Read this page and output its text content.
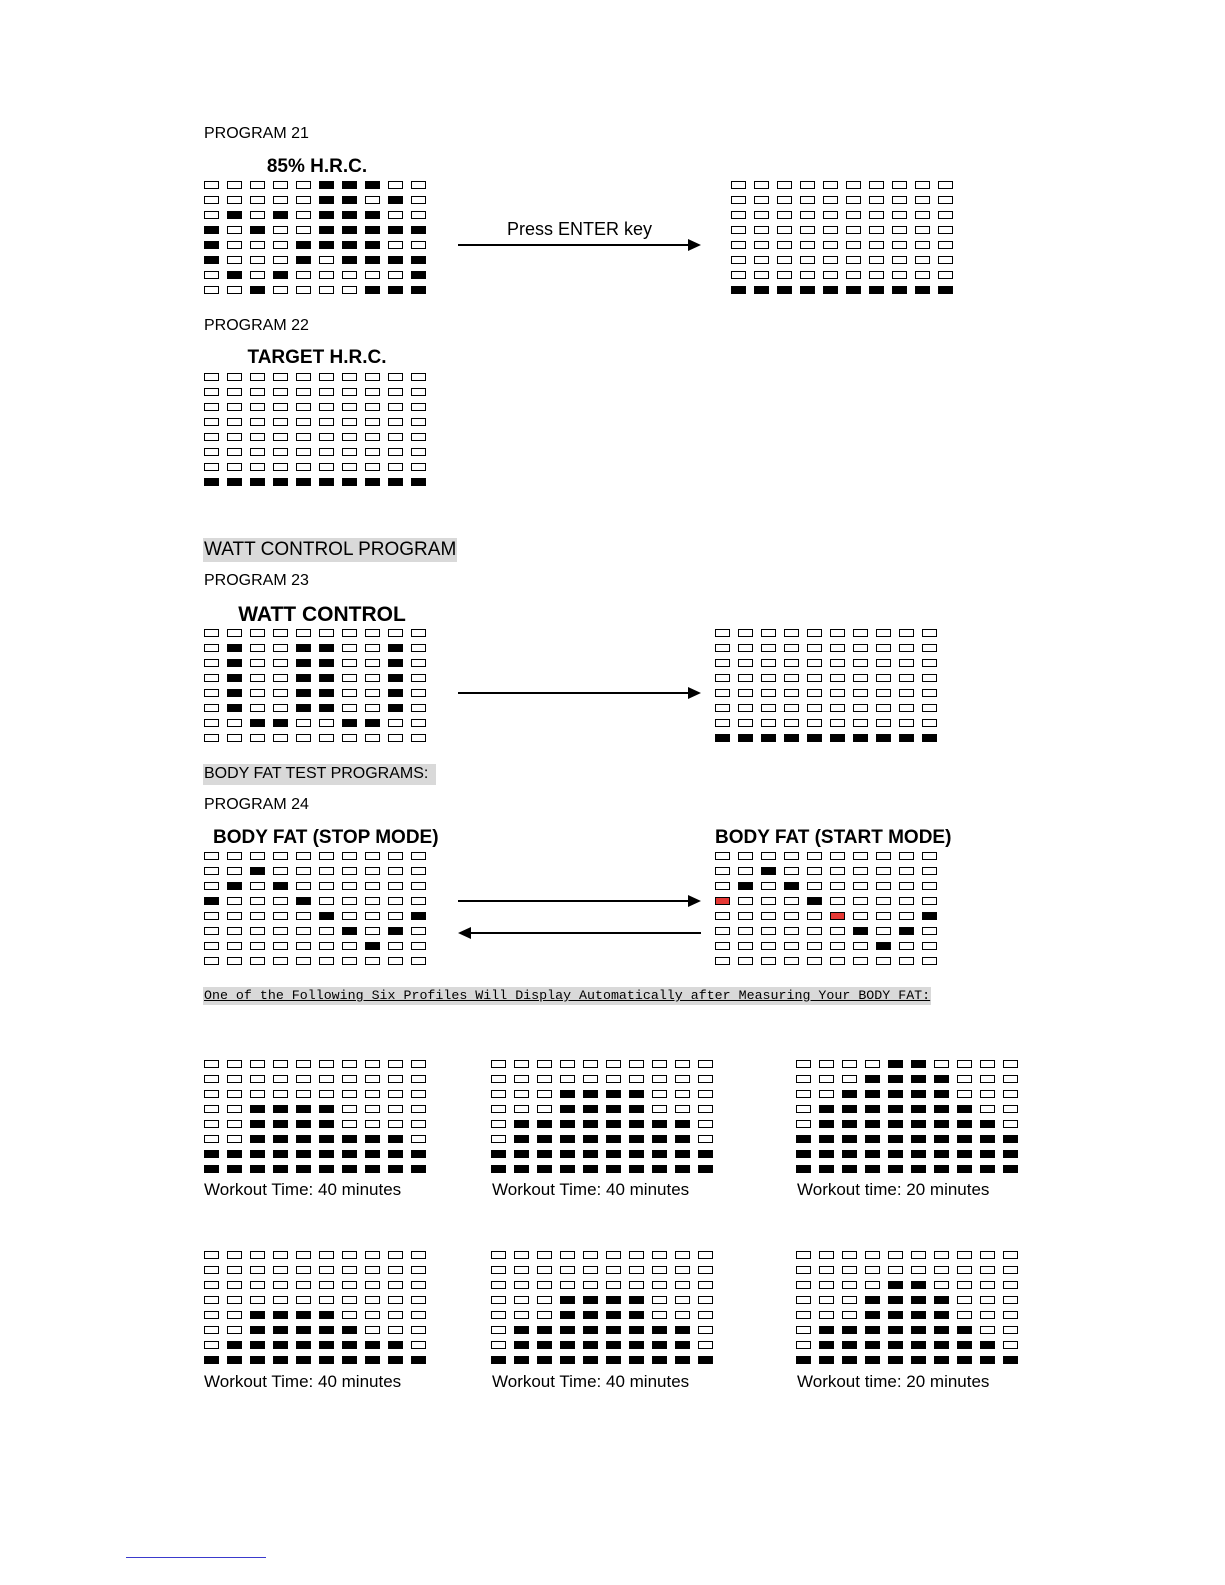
PROGRAM 21
85% H.R.C.
Press ENTER key
PROGRAM 22
TARGET H.R.C.
WATT CONTROL PROGRAM
PROGRAM 23
WATT CONTROL
BODY FAT TEST PROGRAMS:
PROGRAM 24
BODY FAT (STOP MODE)	BODY FAT (START MODE)
One of the Following Six Profiles Will Display Automatically after Measuring Your BODY FAT:
Workout Time: 40 minutes	Workout Time: 40 minutes	Workout time: 20 minutes
Workout Time: 40 minutes	Workout Time: 40 minutes	Workout time: 20 minutes
